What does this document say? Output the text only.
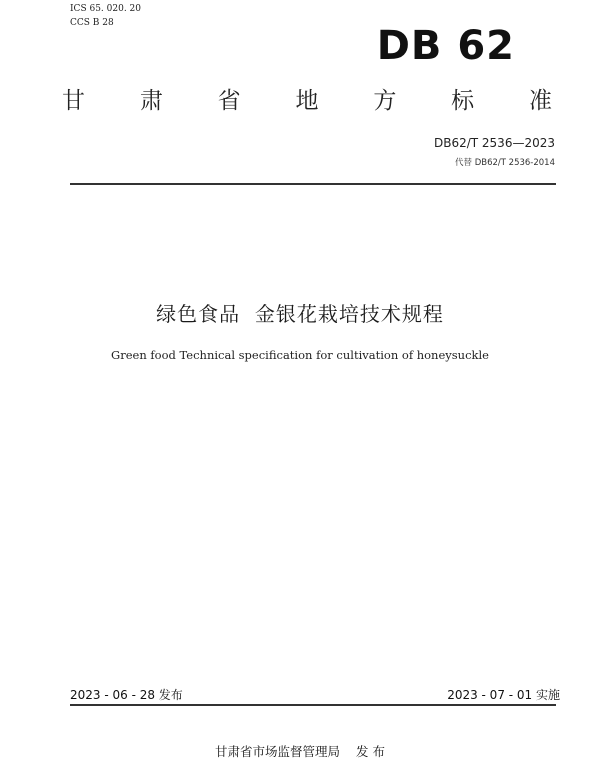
ICS 65. 020. 20
CCS B 28	DB 62
甘 肃 省 地 方 标 准
DB62/T 2536—2023
代替 DB62/T 2536-2014
绿色食品  金银花栽培技术规程
Green food Technical specification for cultivation of honeysuckle
2023 - 06 - 28 发布	2023 - 07 - 01 实施
甘肃省市场监督管理局 发 布
